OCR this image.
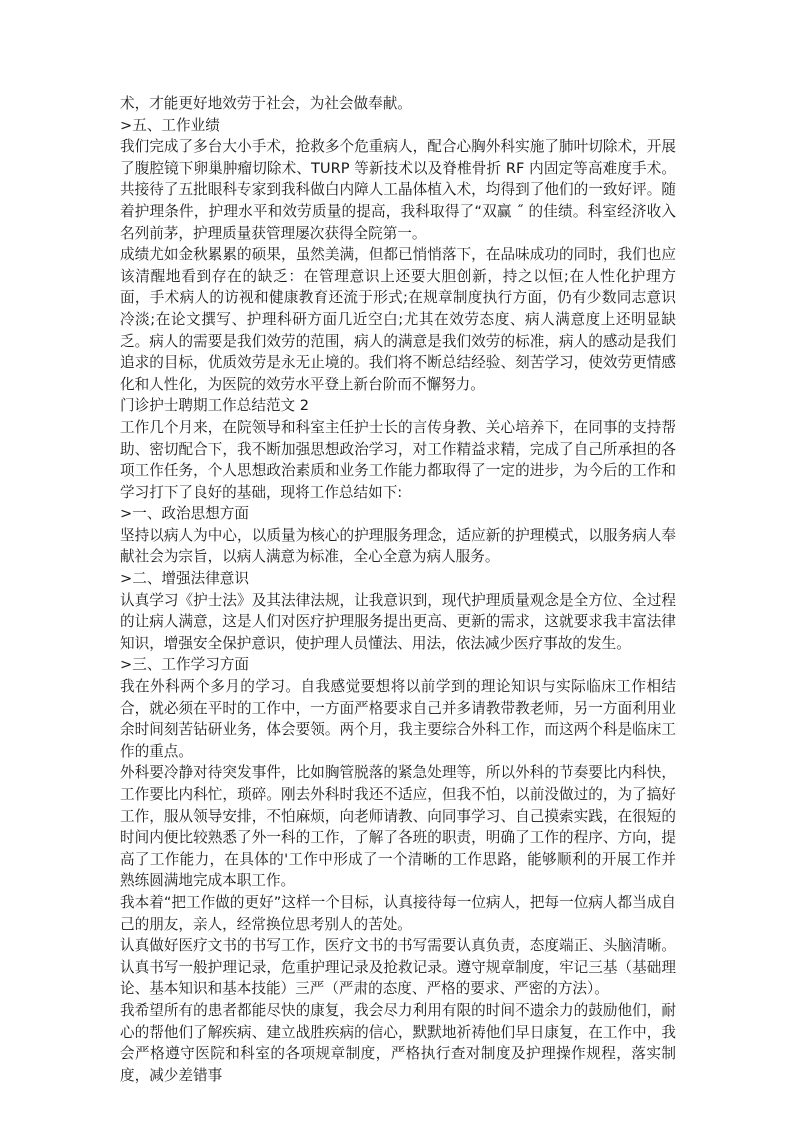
术，才能更好地效劳于社会，为社会做奉献。

>五、工作业绩

我们完成了多台大小手术，抢救多个危重病人，配合心胸外科实施了肺叶切除术，开展了腹腔镜下卵巢肿瘤切除术、TURP 等新技术以及脊椎骨折 RF 内固定等高难度手术。共接待了五批眼科专家到我科做白内障人工晶体植入术，均得到了他们的一致好评。随着护理条件，护理水平和效劳质量的提高，我科取得了“双赢 ˝ 的佳绩。科室经济收入名列前茅，护理质量获管理屡次获得全院第一。

成绩尤如金秋累累的硕果，虽然美满，但都已悄悄落下，在品味成功的同时，我们也应该清醒地看到存在的缺乏：在管理意识上还要大胆创新，持之以恒;在人性化护理方面，手术病人的访视和健康教育还流于形式;在规章制度执行方面，仍有少数同志意识冷淡;在论文撰写、护理科研方面几近空白;尤其在效劳态度、病人满意度上还明显缺乏。病人的需要是我们效劳的范围，病人的满意是我们效劳的标准，病人的感动是我们追求的目标，优质效劳是永无止境的。我们将不断总结经验、刻苦学习，使效劳更情感化和人性化，为医院的效劳水平登上新台阶而不懈努力。

门诊护士聘期工作总结范文 2

工作几个月来，在院领导和科室主任护士长的言传身教、关心培养下，在同事的支持帮助、密切配合下，我不断加强思想政治学习，对工作精益求精，完成了自己所承担的各项工作任务，个人思想政治素质和业务工作能力都取得了一定的进步，为今后的工作和学习打下了良好的基础，现将工作总结如下:

>一、政治思想方面

坚持以病人为中心，以质量为核心的护理服务理念，适应新的护理模式，以服务病人奉献社会为宗旨，以病人满意为标准，全心全意为病人服务。

>二、增强法律意识

认真学习《护士法》及其法律法规，让我意识到，现代护理质量观念是全方位、全过程的让病人满意，这是人们对医疗护理服务提出更高、更新的需求，这就要求我丰富法律知识，增强安全保护意识，使护理人员懂法、用法，依法减少医疗事故的发生。

>三、工作学习方面

我在外科两个多月的学习。自我感觉要想将以前学到的理论知识与实际临床工作相结合，就必须在平时的工作中，一方面严格要求自己并多请教带教老师，另一方面利用业余时间刻苦钻研业务，体会要领。两个月，我主要综合外科工作，而这两个科是临床工作的重点。

外科要冷静对待突发事件，比如胸管脱落的紧急处理等，所以外科的节奏要比内科快，工作要比内科忙，琐碎。刚去外科时我还不适应，但我不怕，以前没做过的，为了搞好工作，服从领导安排，不怕麻烦，向老师请教、向同事学习、自己摸索实践，在很短的时间内便比较熟悉了外一科的工作，了解了各班的职责，明确了工作的程序、方向，提高了工作能力，在具体的'工作中形成了一个清晰的工作思路，能够顺利的开展工作并熟练圆满地完成本职工作。

我本着“把工作做的更好”这样一个目标，认真接待每一位病人，把每一位病人都当成自己的朋友，亲人，经常换位思考别人的苦处。

认真做好医疗文书的书写工作，医疗文书的书写需要认真负责，态度端正、头脑清晰。认真书写一般护理记录，危重护理记录及抢救记录。遵守规章制度，牢记三基（基础理论、基本知识和基本技能）三严（严肃的态度、严格的要求、严密的方法）。

我希望所有的患者都能尽快的康复，我会尽力利用有限的时间不遗余力的鼓励他们，耐心的帮他们了解疾病、建立战胜疾病的信心，默默地祈祷他们早日康复，在工作中，我会严格遵守医院和科室的各项规章制度，严格执行查对制度及护理操作规程，落实制度，减少差错事
